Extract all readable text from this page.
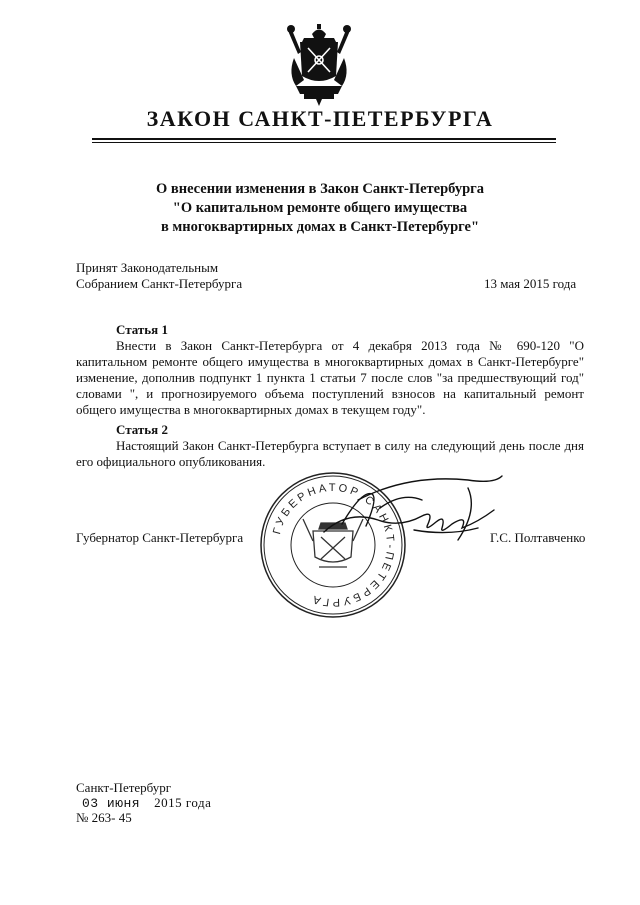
ЗАКОН САНКТ-ПЕТЕРБУРГА
О внесении изменения в Закон Санкт-Петербурга
"О капитальном ремонте общего имущества
в многоквартирных домах в Санкт-Петербурге"
Принят Законодательным
Собранием Санкт-Петербурга	13 мая 2015 года
Статья 1
Внести в Закон Санкт-Петербурга от 4 декабря 2013 года № 690-120 "О капитальном ремонте общего имущества в многоквартирных домах в Санкт-Петербурге" изменение, дополнив подпункт 1 пункта 1 статьи 7 после слов "за предшествующий год" словами ", и прогнозируемого объема поступлений взносов на капитальный ремонт общего имущества в многоквартирных домах в текущем году".
Статья 2
Настоящий Закон Санкт-Петербурга вступает в силу на следующий день после дня его официального опубликования.
ГУБЕРНАТОР САНКТ-ПЕТЕРБУРГА
Губернатор Санкт-Петербурга	Г.С. Полтавченко
Санкт-Петербург
03 июня 2015 года
№ 263- 45
